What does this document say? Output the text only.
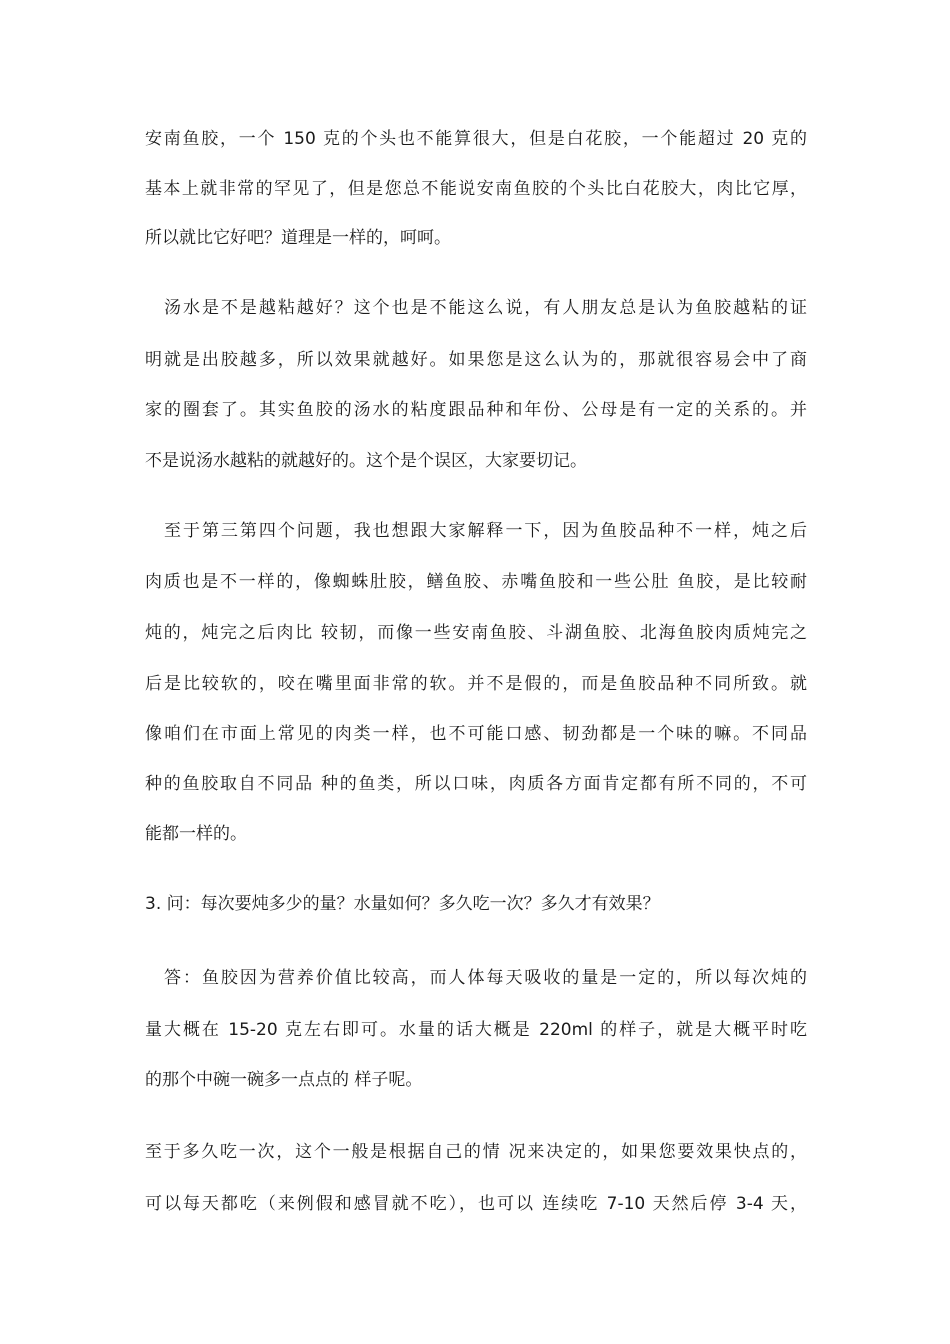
安南鱼胶，一个 150 克的个头也不能算很大，但是白花胶，一个能超过 20 克的
基本上就非常的罕见了，但是您总不能说安南鱼胶的个头比白花胶大，肉比它厚，
所以就比它好吧？道理是一样的，呵呵。
汤水是不是越粘越好？这个也是不能这么说，有人朋友总是认为鱼胶越粘的证
明就是出胶越多，所以效果就越好。如果您是这么认为的，那就很容易会中了商
家的圈套了。其实鱼胶的汤水的粘度跟品种和年份、公母是有一定的关系的。并
不是说汤水越粘的就越好的。这个是个误区，大家要切记。
至于第三第四个问题，我也想跟大家解释一下，因为鱼胶品种不一样，炖之后
肉质也是不一样的，像蜘蛛肚胶，鳝鱼胶、赤嘴鱼胶和一些公肚 鱼胶，是比较耐
炖的，炖完之后肉比 较韧，而像一些安南鱼胶、斗湖鱼胶、北海鱼胶肉质炖完之
后是比较软的，咬在嘴里面非常的软。并不是假的，而是鱼胶品种不同所致。就
像咱们在市面上常见的肉类一样，也不可能口感、韧劲都是一个味的嘛。不同品
种的鱼胶取自不同品 种的鱼类，所以口味，肉质各方面肯定都有所不同的，不可
能都一样的。
3. 问：每次要炖多少的量？水量如何？多久吃一次？多久才有效果？
答：鱼胶因为营养价值比较高，而人体每天吸收的量是一定的，所以每次炖的
量大概在 15-20 克左右即可。水量的话大概是 220ml 的样子，就是大概平时吃
的那个中碗一碗多一点点的 样子呢。
至于多久吃一次，这个一般是根据自己的情 况来决定的，如果您要效果快点的，
可以每天都吃（来例假和感冒就不吃），也可以 连续吃 7-10 天然后停 3-4 天，
